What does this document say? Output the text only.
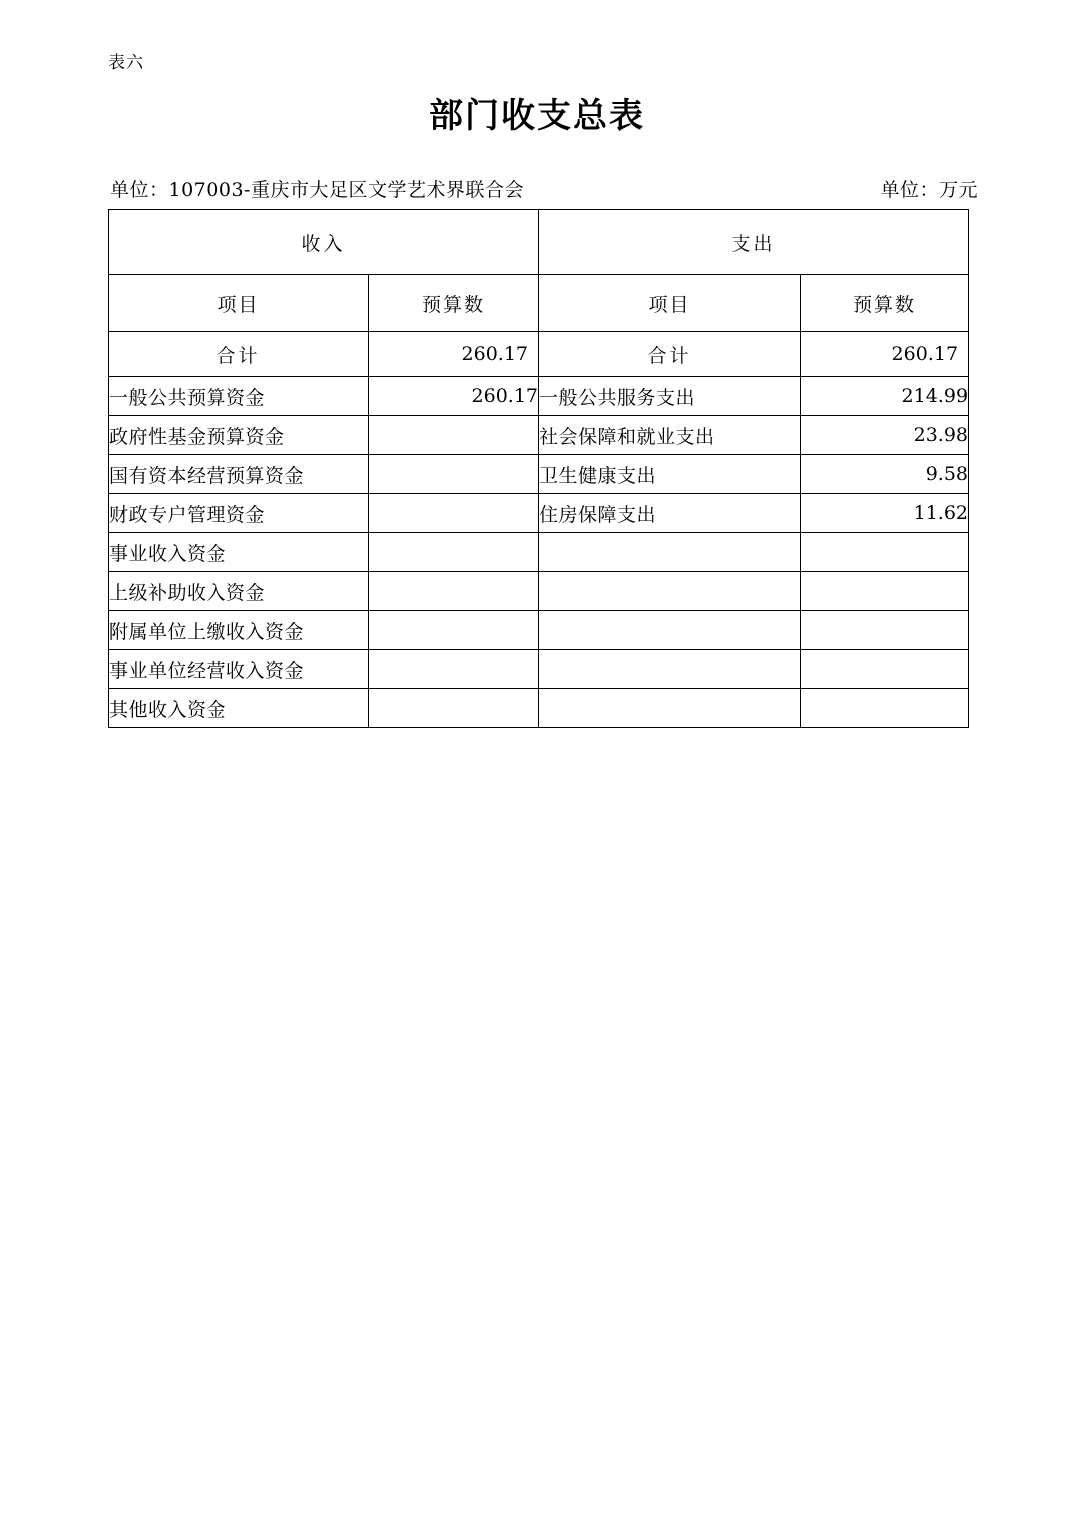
表六
部门收支总表
单位：107003-重庆市大足区文学艺术界联合会	单位：万元
收入		支出	
项目	预算数	项目	预算数
合计	260.17	合计	260.17
一般公共预算资金	260.17	一般公共服务支出	214.99
政府性基金预算资金		社会保障和就业支出	23.98
国有资本经营预算资金		卫生健康支出	9.58
财政专户管理资金		住房保障支出	11.62
事业收入资金			
上级补助收入资金			
附属单位上缴收入资金			
事业单位经营收入资金			
其他收入资金			
